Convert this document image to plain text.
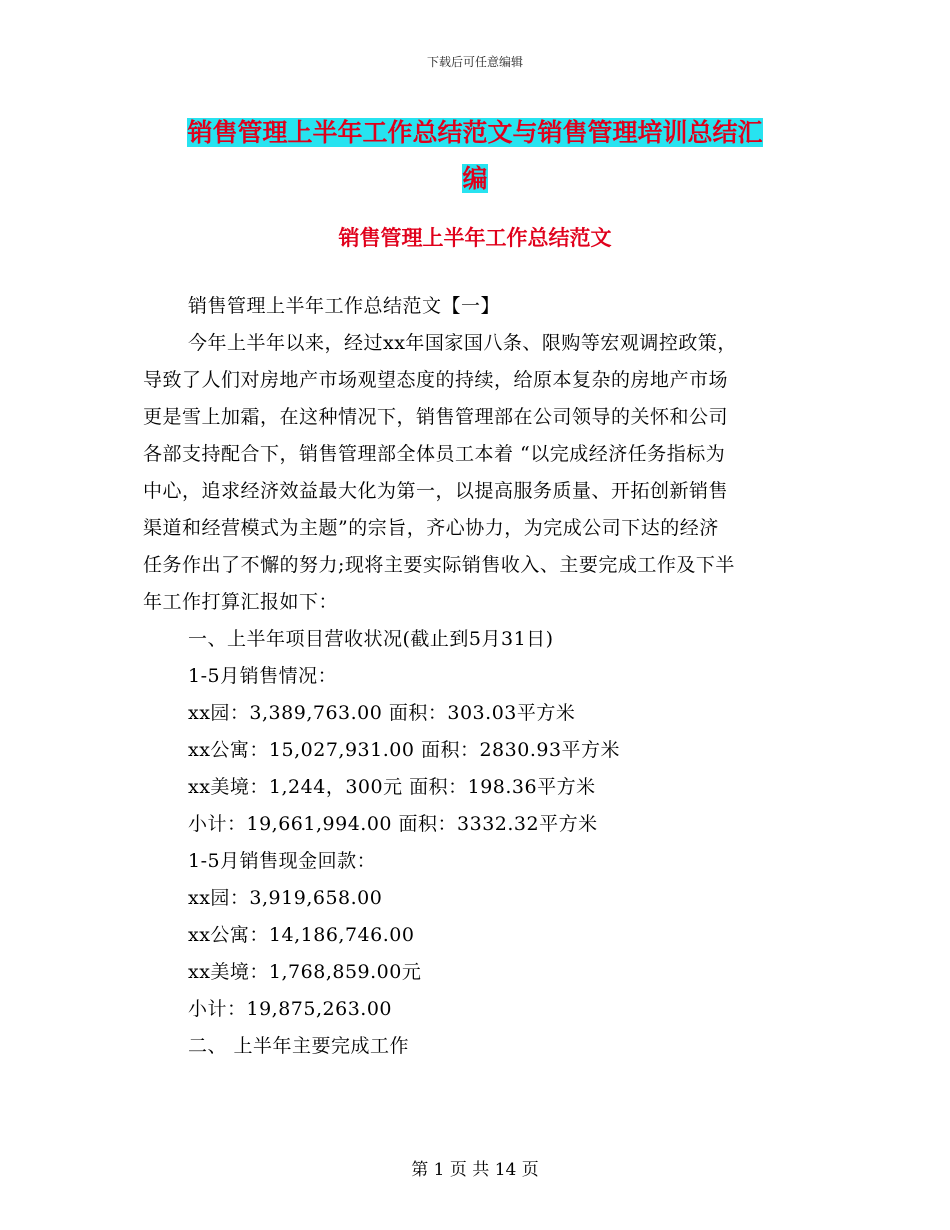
下载后可任意编辑
销售管理上半年工作总结范文与销售管理培训总结汇
编
销售管理上半年工作总结范文
销售管理上半年工作总结范文【一】
今年上半年以来，经过xx年国家国八条、限购等宏观调控政策，
导致了人们对房地产市场观望态度的持续，给原本复杂的房地产市场
更是雪上加霜，在这种情况下，销售管理部在公司领导的关怀和公司
各部支持配合下，销售管理部全体员工本着 “以完成经济任务指标为
中心，追求经济效益最大化为第一，以提高服务质量、开拓创新销售
渠道和经营模式为主题”的宗旨，齐心协力，为完成公司下达的经济
任务作出了不懈的努力;现将主要实际销售收入、主要完成工作及下半
年工作打算汇报如下：
一、上半年项目营收状况(截止到5月31日)
1-5月销售情况：
xx园：3,389,763.00 面积：303.03平方米
xx公寓：15,027,931.00 面积：2830.93平方米
xx美境：1,244，300元 面积：198.36平方米
小计：19,661,994.00 面积：3332.32平方米
1-5月销售现金回款：
xx园：3,919,658.00
xx公寓：14,186,746.00
xx美境：1,768,859.00元
小计：19,875,263.00
二、 上半年主要完成工作
第 1 页 共 14 页
